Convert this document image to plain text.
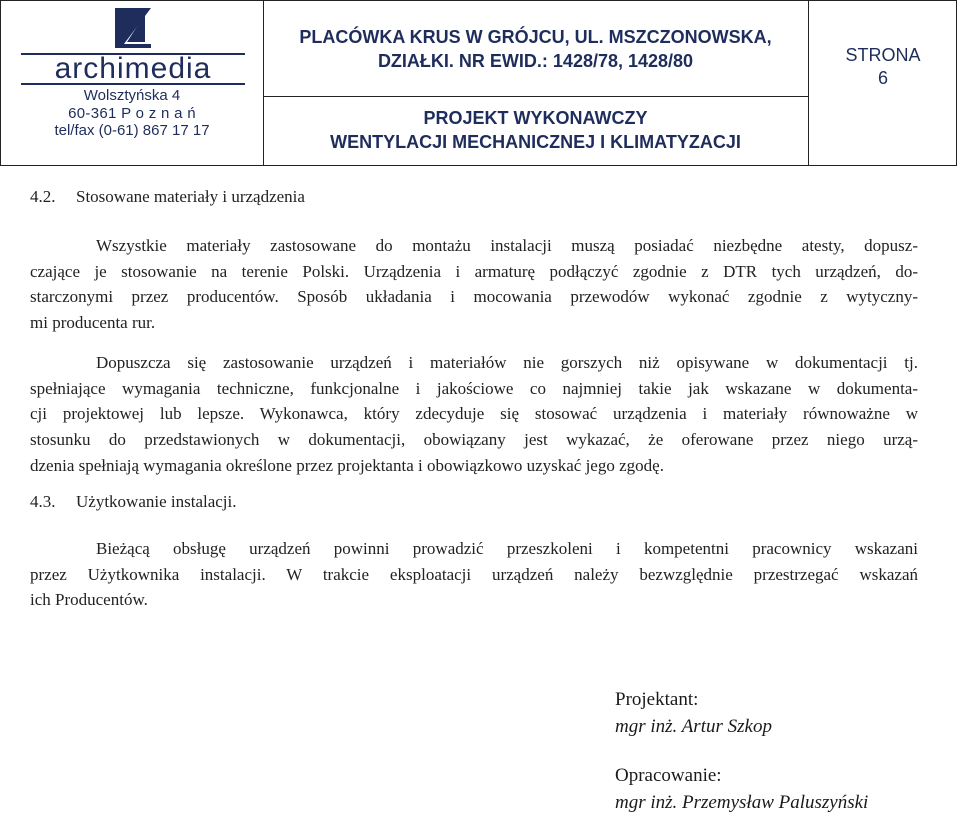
archimedia
Wolsztyńska 4
60-361 P o z n a ń
tel/fax (0-61) 867 17 17
PLACÓWKA KRUS W GRÓJCU, UL. MSZCZONOWSKA,
DZIAŁKI. NR EWID.: 1428/78, 1428/80
PROJEKT WYKONAWCZY
WENTYLACJI MECHANICZNEJ I KLIMATYZACJI
STRONA
6
4.2. Stosowane materiały i urządzenia
Wszystkie materiały zastosowane do montażu instalacji muszą posiadać niezbędne atesty, dopusz-
czające je stosowanie na terenie Polski. Urządzenia i armaturę podłączyć zgodnie z DTR tych urządzeń, do-
starczonymi przez producentów. Sposób układania i mocowania przewodów wykonać zgodnie z wytyczny-
mi producenta rur.
Dopuszcza się zastosowanie urządzeń i materiałów nie gorszych niż opisywane w dokumentacji tj.
spełniające wymagania techniczne, funkcjonalne i jakościowe co najmniej takie jak wskazane w dokumenta-
cji projektowej lub lepsze. Wykonawca, który zdecyduje się stosować urządzenia i materiały równoważne w
stosunku do przedstawionych w dokumentacji, obowiązany jest wykazać, że oferowane przez niego urzą-
dzenia spełniają wymagania określone przez projektanta i obowiązkowo uzyskać jego zgodę.
4.3. Użytkowanie instalacji.
Bieżącą obsługę urządzeń powinni prowadzić przeszkoleni i kompetentni pracownicy wskazani
przez Użytkownika instalacji. W trakcie eksploatacji urządzeń należy bezwzględnie przestrzegać wskazań
ich Producentów.
Projektant:
mgr inż. Artur Szkop
Opracowanie:
mgr inż. Przemysław Paluszyński
